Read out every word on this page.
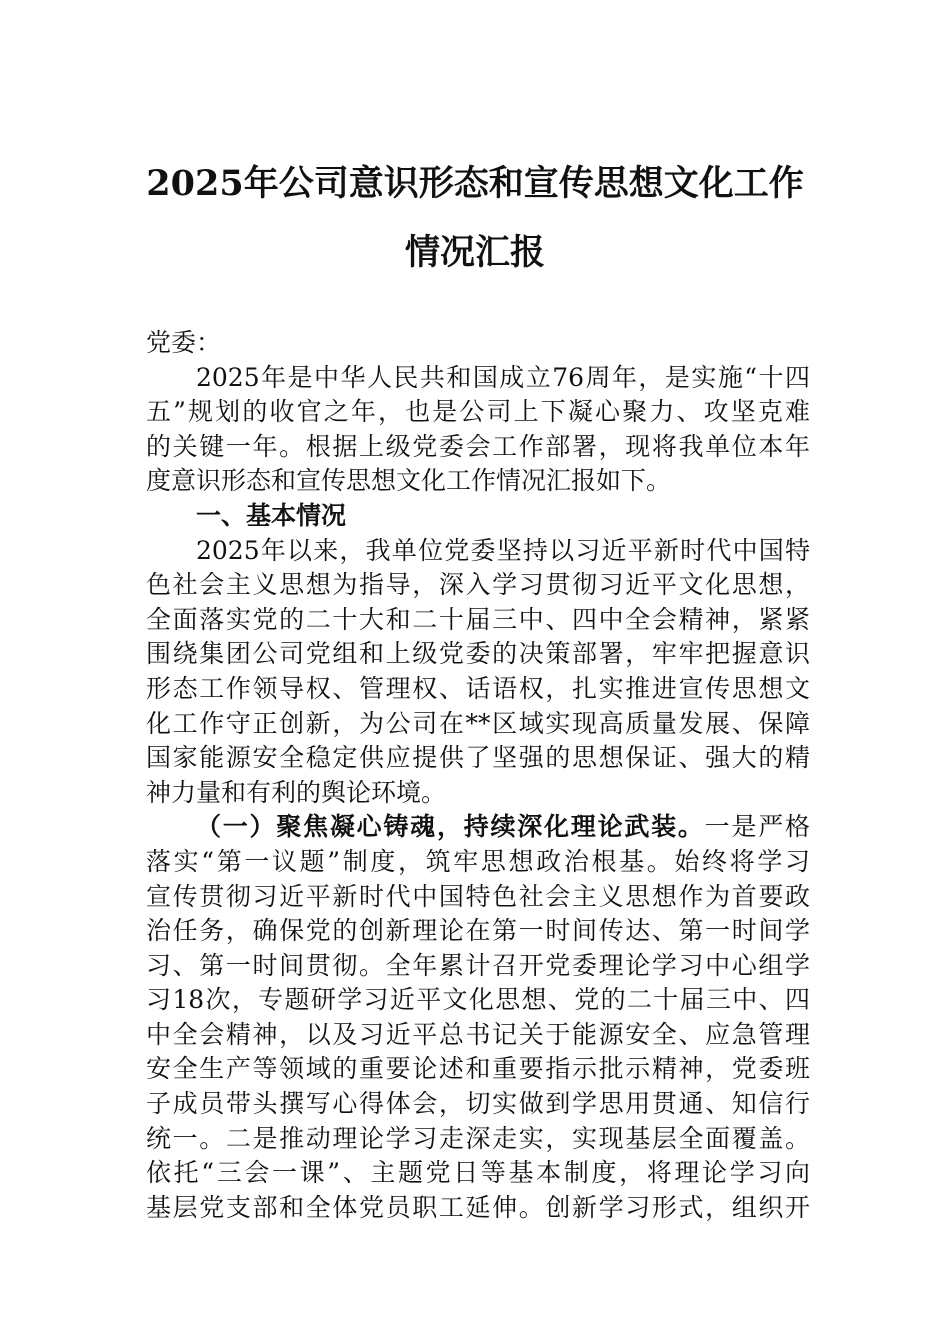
2025年公司意识形态和宣传思想文化工作
情况汇报
党委：
2025年是中华人民共和国成立76周年，是实施“十四
五”规划的收官之年，也是公司上下凝心聚力、攻坚克难
的关键一年。根据上级党委会工作部署，现将我单位本年
度意识形态和宣传思想文化工作情况汇报如下。
一、基本情况
2025年以来，我单位党委坚持以习近平新时代中国特
色社会主义思想为指导，深入学习贯彻习近平文化思想，
全面落实党的二十大和二十届三中、四中全会精神，紧紧
围绕集团公司党组和上级党委的决策部署，牢牢把握意识
形态工作领导权、管理权、话语权，扎实推进宣传思想文
化工作守正创新，为公司在**区域实现高质量发展、保障
国家能源安全稳定供应提供了坚强的思想保证、强大的精
神力量和有利的舆论环境。
（一）聚焦凝心铸魂，持续深化理论武装。一是严格
落实“第一议题”制度，筑牢思想政治根基。始终将学习
宣传贯彻习近平新时代中国特色社会主义思想作为首要政
治任务，确保党的创新理论在第一时间传达、第一时间学
习、第一时间贯彻。全年累计召开党委理论学习中心组学
习18次，专题研学习近平文化思想、党的二十届三中、四
中全会精神，以及习近平总书记关于能源安全、应急管理
安全生产等领域的重要论述和重要指示批示精神，党委班
子成员带头撰写心得体会，切实做到学思用贯通、知信行
统一。二是推动理论学习走深走实，实现基层全面覆盖。
依托“三会一课”、主题党日等基本制度，将理论学习向
基层党支部和全体党员职工延伸。创新学习形式，组织开
